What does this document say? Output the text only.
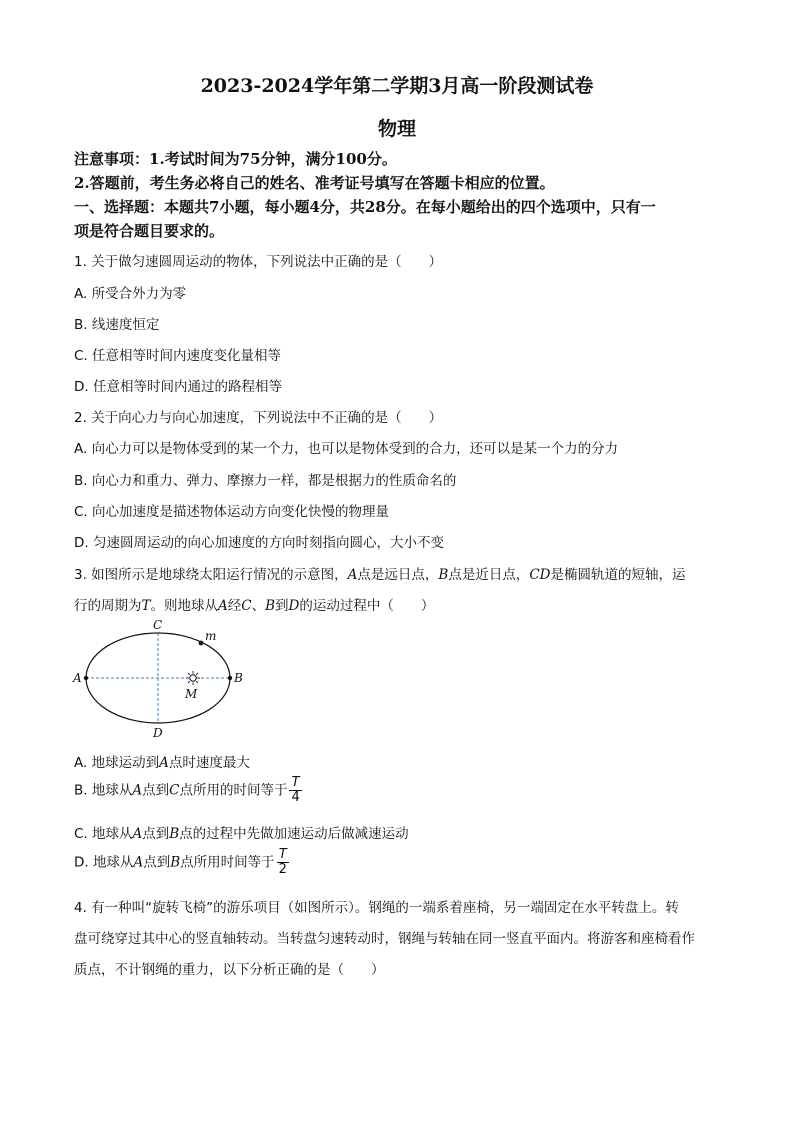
2023-2024学年第二学期3月高一阶段测试卷
物理
注意事项：1.考试时间为75分钟，满分100分。
2.答题前，考生务必将自己的姓名、准考证号填写在答题卡相应的位置。
一、选择题：本题共7小题，每小题4分，共28分。在每小题给出的四个选项中，只有一
项是符合题目要求的。
1. 关于做匀速圆周运动的物体，下列说法中正确的是（　　）
A. 所受合外力为零
B. 线速度恒定
C. 任意相等时间内速度变化量相等
D. 任意相等时间内通过的路程相等
2. 关于向心力与向心加速度，下列说法中不正确的是（　　）
A. 向心力可以是物体受到的某一个力，也可以是物体受到的合力，还可以是某一个力的分力
B. 向心力和重力、弹力、摩擦力一样，都是根据力的性质命名的
C. 向心加速度是描述物体运动方向变化快慢的物理量
D. 匀速圆周运动的向心加速度的方向时刻指向圆心，大小不变
3. 如图所示是地球绕太阳运行情况的示意图，A点是远日点，B点是近日点，CD是椭圆轨道的短轴，运
行的周期为T。则地球从A经C、B到D的运动过程中（　　）
A	B
C
D
m
M
A. 地球运动到A点时速度最大
B. 地球从A点到C点所用的时间等于 $\frac{T}{4}$
C. 地球从A点到B点的过程中先做加速运动后做减速运动
D. 地球从A点到B点所用时间等于 $\frac{T}{2}$
4. 有一种叫“旋转飞椅”的游乐项目（如图所示）。钢绳的一端系着座椅，另一端固定在水平转盘上。转
盘可绕穿过其中心的竖直轴转动。当转盘匀速转动时，钢绳与转轴在同一竖直平面内。将游客和座椅看作
质点，不计钢绳的重力，以下分析正确的是（　　）
